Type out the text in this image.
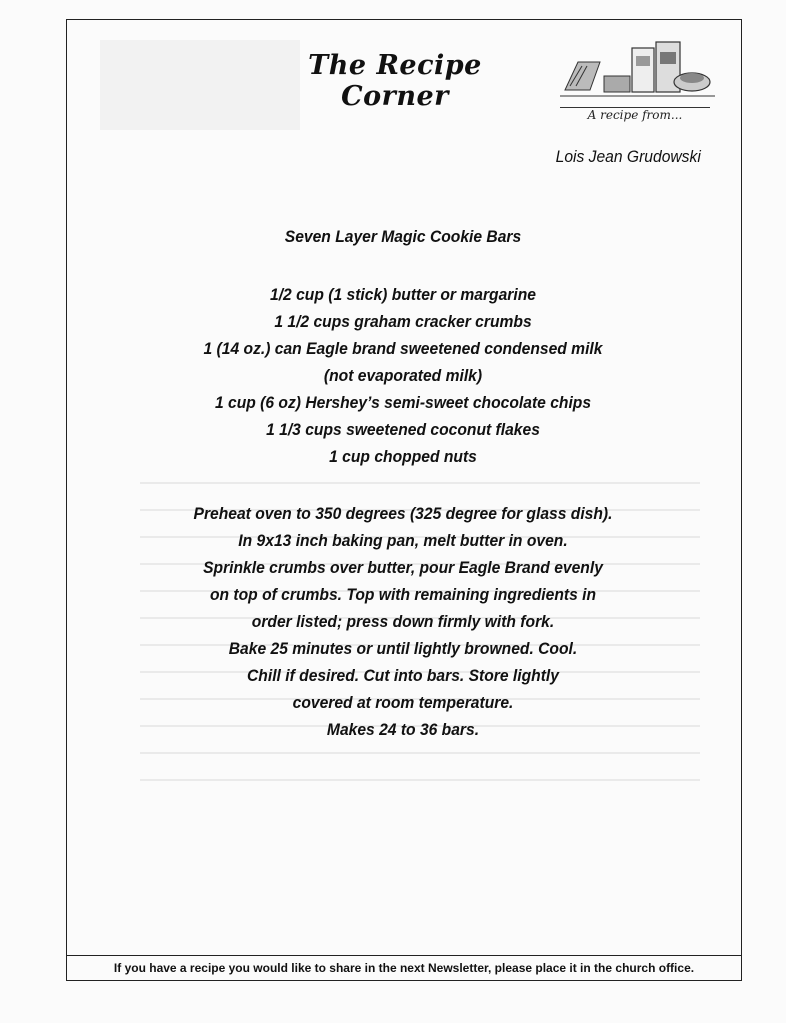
The Recipe Corner
A recipe from...
Lois Jean Grudowski
Seven Layer Magic Cookie Bars
1/2 cup (1 stick) butter or margarine
1 1/2 cups graham cracker crumbs
1 (14 oz.) can Eagle brand sweetened condensed milk
(not evaporated milk)
1 cup (6 oz) Hershey’s semi-sweet chocolate chips
1 1/3 cups sweetened coconut flakes
1 cup chopped nuts
Preheat oven to 350 degrees (325 degree for glass dish).
In 9x13 inch baking pan, melt butter in oven.
Sprinkle crumbs over butter, pour Eagle Brand evenly
on top of crumbs. Top with remaining ingredients in
order listed; press down firmly with fork.
Bake 25 minutes or until lightly browned. Cool.
Chill if desired. Cut into bars. Store lightly
covered at room temperature.
Makes 24 to 36 bars.
If you have a recipe you would like to share in the next Newsletter, please place it in the church office.
